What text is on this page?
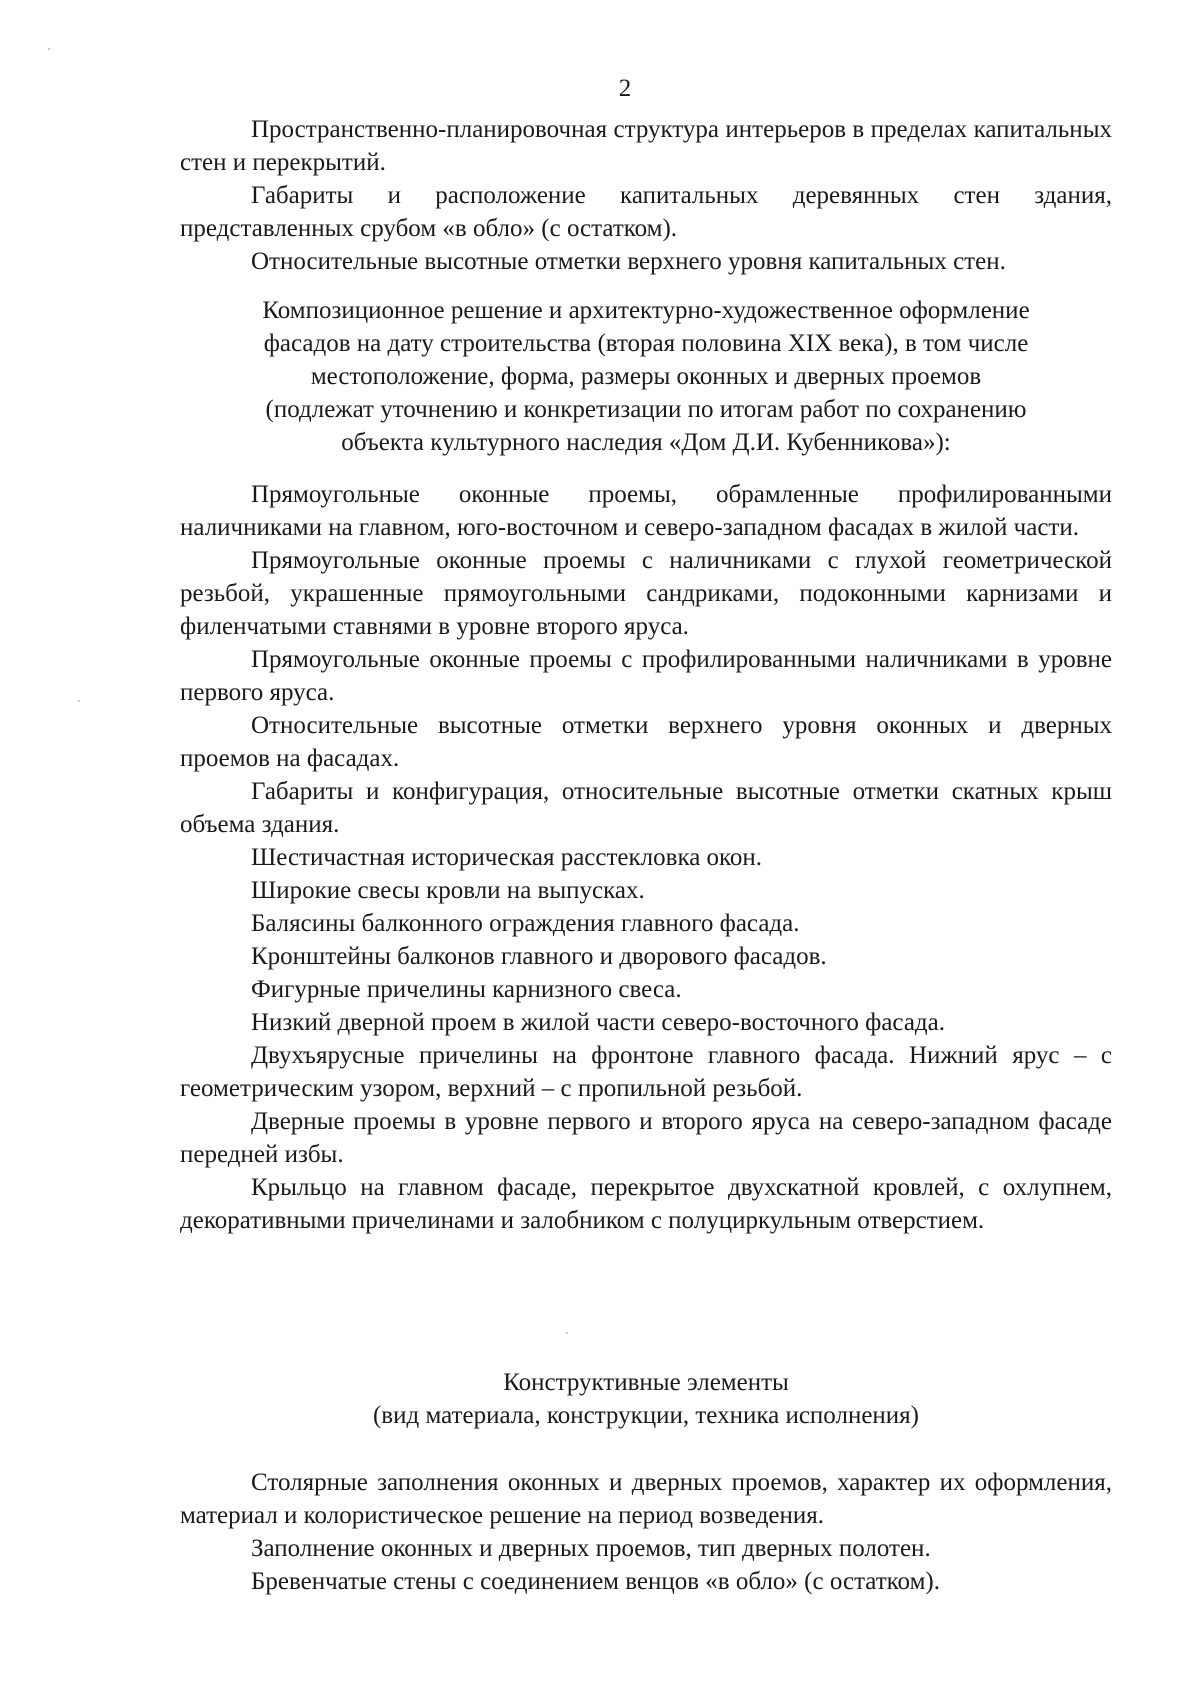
2

Пространственно-планировочная структура интерьеров в пределах капитальных стен и перекрытий.

Габариты и расположение капитальных деревянных стен здания, представленных срубом «в обло» (с остатком).

Относительные высотные отметки верхнего уровня капитальных стен.

Композиционное решение и архитектурно-художественное оформление

фасадов на дату строительства (вторая половина XIX века), в том числе

местоположение, форма, размеры оконных и дверных проемов

(подлежат уточнению и конкретизации по итогам работ по сохранению

объекта культурного наследия «Дом Д.И. Кубенникова»):

Прямоугольные оконные проемы, обрамленные профилированными наличниками на главном, юго-восточном и северо-западном фасадах в жилой части.

Прямоугольные оконные проемы с наличниками с глухой геометрической резьбой, украшенные прямоугольными сандриками, подоконными карнизами и филенчатыми ставнями в уровне второго яруса.

Прямоугольные оконные проемы с профилированными наличниками в уровне первого яруса.

Относительные высотные отметки верхнего уровня оконных и дверных проемов на фасадах.

Габариты и конфигурация, относительные высотные отметки скатных крыш объема здания.

Шестичастная историческая расстекловка окон.

Широкие свесы кровли на выпусках.

Балясины балконного ограждения главного фасада.

Кронштейны балконов главного и дворового фасадов.

Фигурные причелины карнизного свеса.

Низкий дверной проем в жилой части северо-восточного фасада.

Двухъярусные причелины на фронтоне главного фасада. Нижний ярус – с геометрическим узором, верхний – с пропильной резьбой.

Дверные проемы в уровне первого и второго яруса на северо-западном фасаде передней избы.

Крыльцо на главном фасаде, перекрытое двухскатной кровлей, с охлупнем, декоративными причелинами и залобником с полуциркульным отверстием.

Конструктивные элементы

(вид материала, конструкции, техника исполнения)

Столярные заполнения оконных и дверных проемов, характер их оформления, материал и колористическое решение на период возведения.

Заполнение оконных и дверных проемов, тип дверных полотен.

Бревенчатые стены с соединением венцов «в обло» (с остатком).
